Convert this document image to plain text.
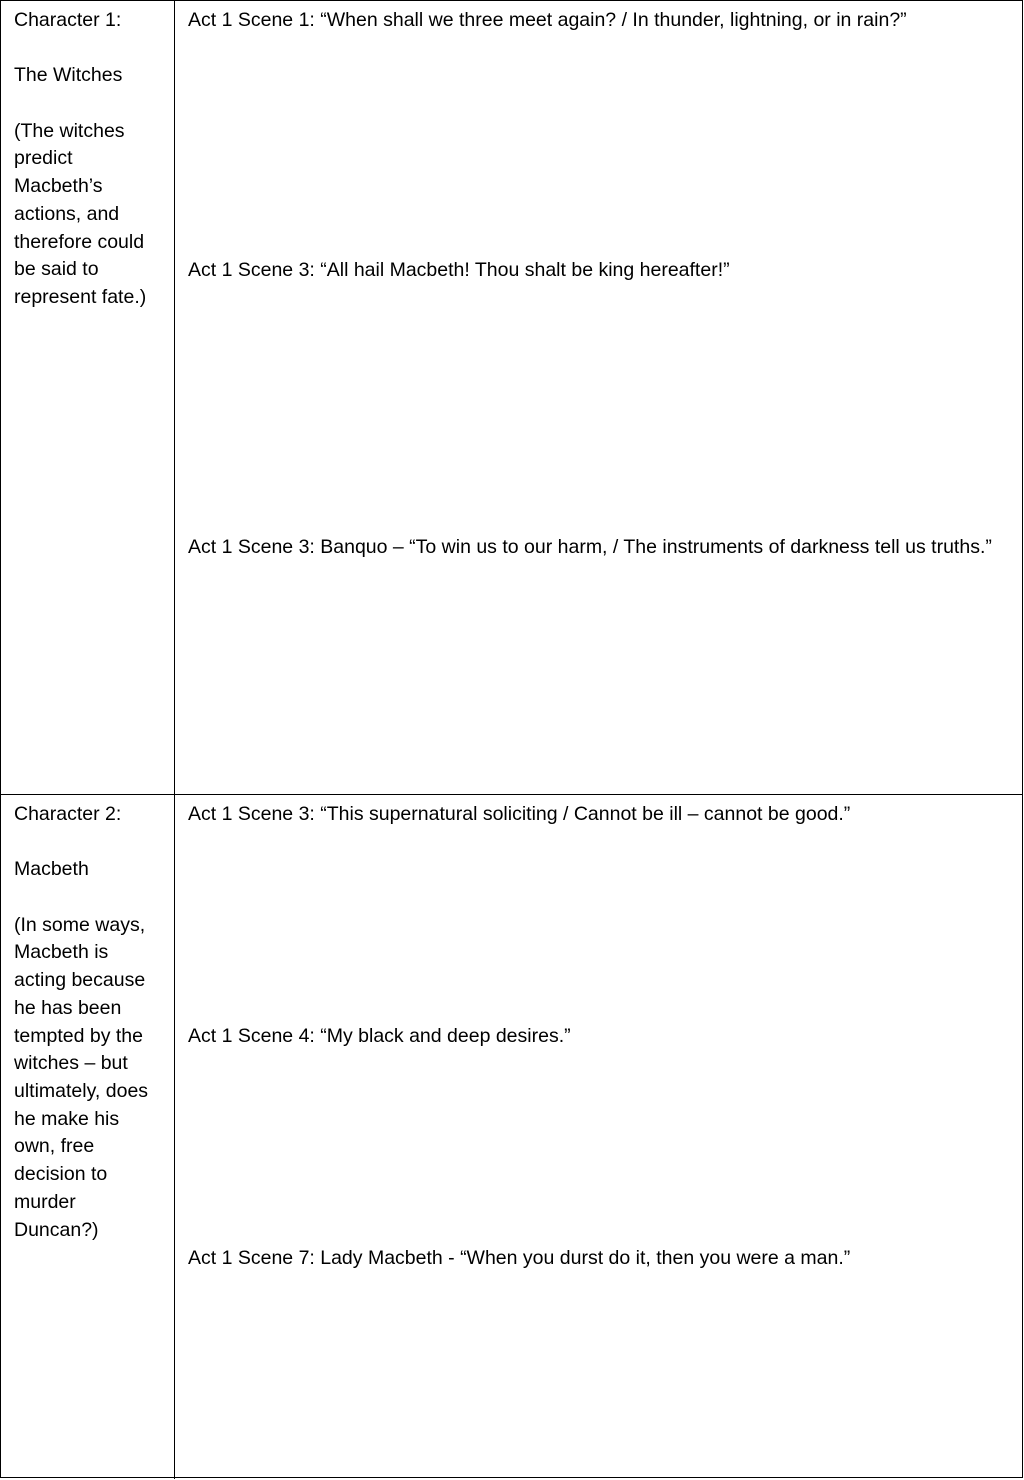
Character 1:

The Witches

(The witches predict Macbeth’s actions, and therefore could be said to represent fate.)

Act 1 Scene 1: “When shall we three meet again? / In thunder, lightning, or in rain?”

Act 1 Scene 3: “All hail Macbeth! Thou shalt be king hereafter!”

Act 1 Scene 3: Banquo – “To win us to our harm, / The instruments of darkness tell us truths.”

Character 2:

Macbeth

(In some ways, Macbeth is acting because he has been tempted by the witches – but ultimately, does he make his own, free decision to murder Duncan?)

Act 1 Scene 3: “This supernatural soliciting / Cannot be ill – cannot be good.”

Act 1 Scene 4: “My black and deep desires.”

Act 1 Scene 7: Lady Macbeth - “When you durst do it, then you were a man.”
